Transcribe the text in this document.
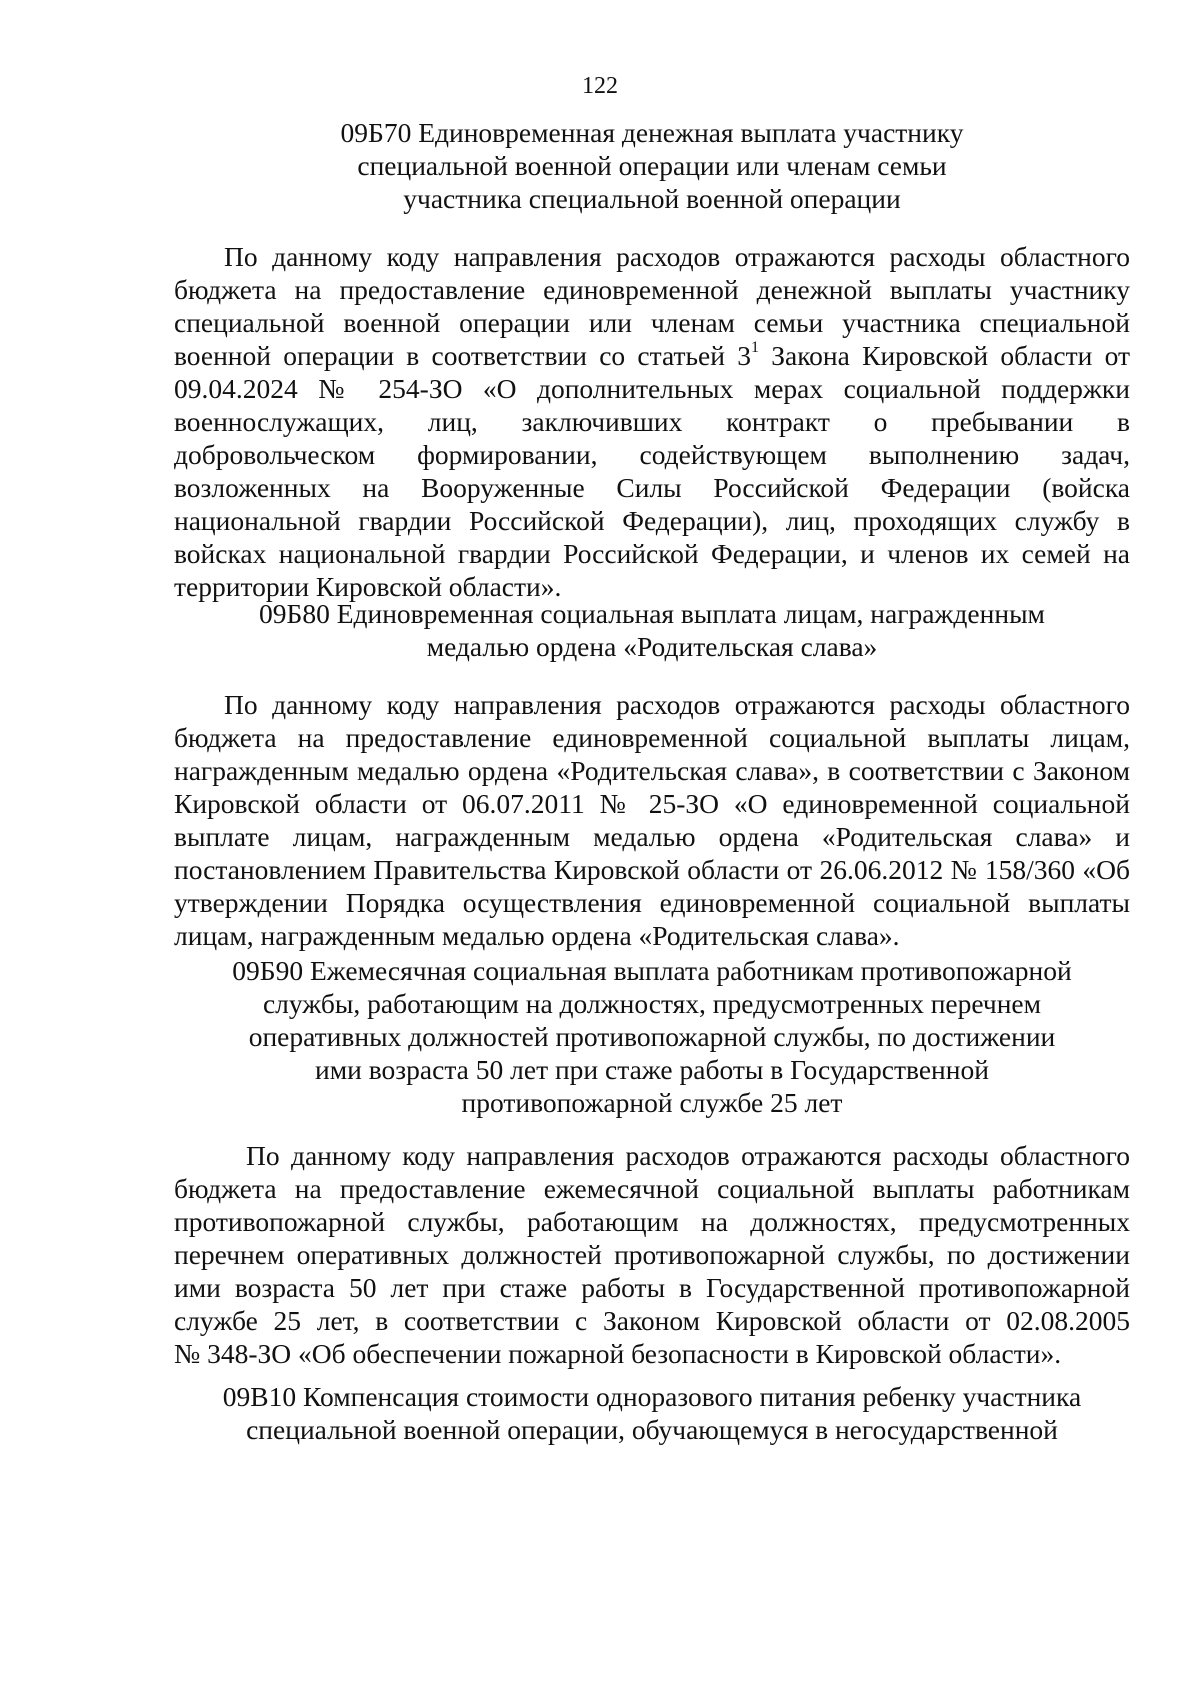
122
09Б70 Единовременная денежная выплата участнику
специальной военной операции или членам семьи
участника специальной военной операции
По данному коду направления расходов отражаются расходы областного
бюджета на предоставление единовременной денежной выплаты участнику
специальной военной операции или членам семьи участника специальной
военной операции в соответствии со статьей $3^1$ Закона Кировской области от
09.04.2024 № 254-ЗО «О дополнительных мерах социальной поддержки
военнослужащих, лиц, заключивших контракт о пребывании в
добровольческом формировании, содействующем выполнению задач,
возложенных на Вооруженные Силы Российской Федерации (войска
национальной гвардии Российской Федерации), лиц, проходящих службу в
войсках национальной гвардии Российской Федерации, и членов их семей на
территории Кировской области».
09Б80 Единовременная социальная выплата лицам, награжденным
медалью ордена «Родительская слава»
По данному коду направления расходов отражаются расходы областного
бюджета на предоставление единовременной социальной выплаты лицам,
награжденным медалью ордена «Родительская слава», в соответствии с Законом
Кировской области от 06.07.2011 № 25-ЗО «О единовременной социальной
выплате лицам, награжденным медалью ордена «Родительская слава» и
постановлением Правительства Кировской области от 26.06.2012 № 158/360 «Об
утверждении Порядка осуществления единовременной социальной выплаты
лицам, награжденным медалью ордена «Родительская слава».
09Б90 Ежемесячная социальная выплата работникам противопожарной
службы, работающим на должностях, предусмотренных перечнем
оперативных должностей противопожарной службы, по достижении
ими возраста 50 лет при стаже работы в Государственной
противопожарной службе 25 лет
По данному коду направления расходов отражаются расходы областного
бюджета на предоставление ежемесячной социальной выплаты работникам
противопожарной службы, работающим на должностях, предусмотренных
перечнем оперативных должностей противопожарной службы, по достижении
ими возраста 50 лет при стаже работы в Государственной противопожарной
службе 25 лет, в соответствии с Законом Кировской области от 02.08.2005
№ 348-ЗО «Об обеспечении пожарной безопасности в Кировской области».
09В10 Компенсация стоимости одноразового питания ребенку участника
специальной военной операции, обучающемуся в негосударственной
